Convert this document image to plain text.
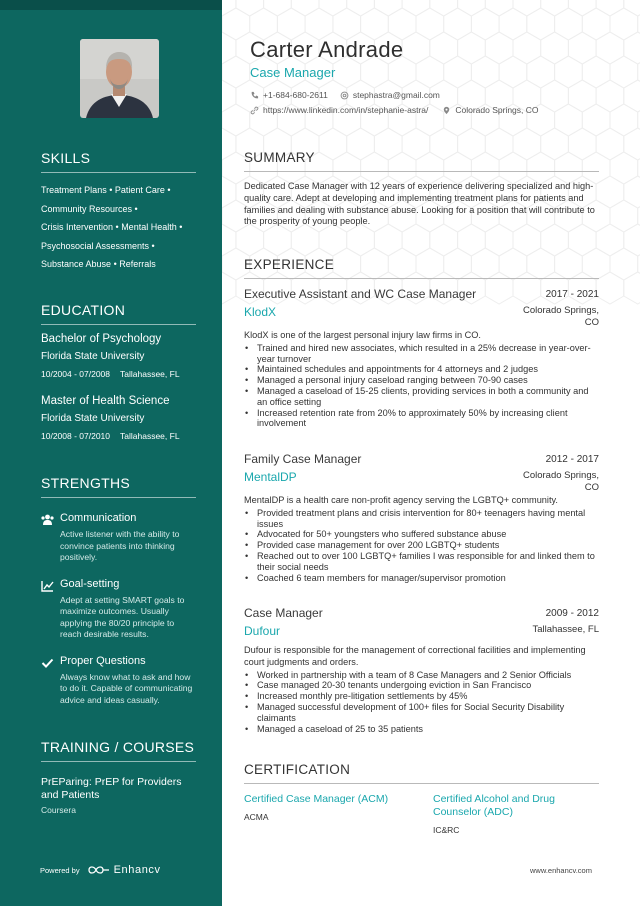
SKILLS
Treatment Plans • Patient Care •
Community Resources •
Crisis Intervention • Mental Health •
Psychosocial Assessments •
Substance Abuse • Referrals
EDUCATION
Bachelor of Psychology
Florida State University
10/2004 - 07/2008 Tallahassee, FL
Master of Health Science
Florida State University
10/2008 - 07/2010 Tallahassee, FL
STRENGTHS
Communication
Active listener with the ability to convince patients into thinking positively.
Goal-setting
Adept at setting SMART goals to maximize outcomes. Usually applying the 80/20 principle to reach desirable results.
Proper Questions
Always know what to ask and how to do it. Capable of communicating advice and ideas casually.
TRAINING / COURSES
PrEParing: PrEP for Providers and Patients
Coursera
Powered by	Enhancv
Carter Andrade
Case Manager
+1-684-680-2611	stephastra@gmail.com
https://www.linkedin.com/in/stephanie-astra/	Colorado Springs, CO
SUMMARY
Dedicated Case Manager with 12 years of experience delivering specialized and high-quality care. Adept at developing and implementing treatment plans for patients and families and dealing with substance abuse. Looking for a position that will contribute to the prosperity of young people.
EXPERIENCE
Executive Assistant and WC Case Manager	2017 - 2021
KlodX	Colorado Springs,
CO
KlodX is one of the largest personal injury law firms in CO.
• Trained and hired new associates, which resulted in a 25% decrease in year-over-year turnover
• Maintained schedules and appointments for 4 attorneys and 2 judges
• Managed a personal injury caseload ranging between 70-90 cases
• Managed a caseload of 15-25 clients, providing services in both a community and an office setting
• Increased retention rate from 20% to approximately 50% by increasing client involvement
Family Case Manager	2012 - 2017
MentalDP	Colorado Springs,
CO
MentalDP is a health care non-profit agency serving the LGBTQ+ community.
• Provided treatment plans and crisis intervention for 80+ teenagers having mental issues
• Advocated for 50+ youngsters who suffered substance abuse
• Provided case management for over 200 LGBTQ+ students
• Reached out to over 100 LGBTQ+ families I was responsible for and linked them to their social needs
• Coached 6 team members for manager/supervisor promotion
Case Manager	2009 - 2012
Dufour	Tallahassee, FL
Dufour is responsible for the management of correctional facilities and implementing court judgments and orders.
• Worked in partnership with a team of 8 Case Managers and 2 Senior Officials
• Case managed 20-30 tenants undergoing eviction in San Francisco
• Increased monthly pre-litigation settlements by 45%
• Managed successful development of 100+ files for Social Security Disability claimants
• Managed a caseload of 25 to 35 patients
CERTIFICATION
Certified Case Manager (ACM)
ACMA
Certified Alcohol and Drug Counselor (ADC)
IC&RC
www.enhancv.com
